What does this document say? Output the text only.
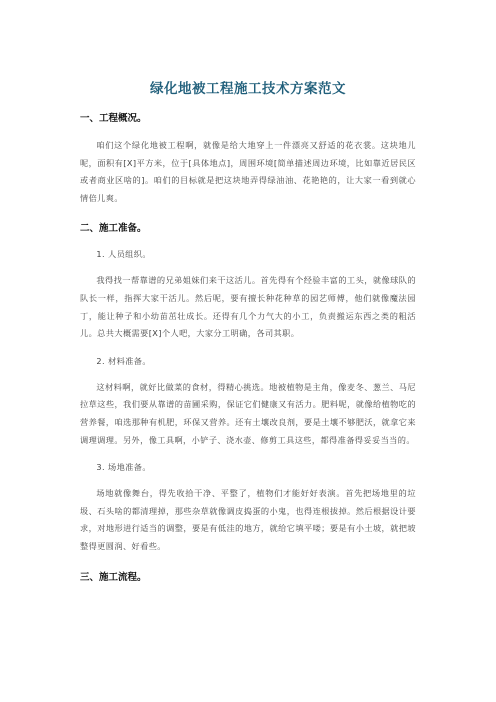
绿化地被工程施工技术方案范文

一、工程概况。

咱们这个绿化地被工程啊，就像是给大地穿上一件漂亮又舒适的花衣裳。这块地儿呢，面积有[X]平方米，位于[具体地点]，周围环境[简单描述周边环境，比如靠近居民区或者商业区啥的]。咱们的目标就是把这块地弄得绿油油、花艳艳的，让大家一看到就心情倍儿爽。

二、施工准备。

1. 人员组织。

我得找一帮靠谱的兄弟姐妹们来干这活儿。首先得有个经验丰富的工头，就像球队的队长一样，指挥大家干活儿。然后呢，要有擅长种花种草的园艺师傅，他们就像魔法园丁，能让种子和小幼苗茁壮成长。还得有几个力气大的小工，负责搬运东西之类的粗活儿。总共大概需要[X]个人吧，大家分工明确，各司其职。

2. 材料准备。

这材料啊，就好比做菜的食材，得精心挑选。地被植物是主角，像麦冬、葱兰、马尼拉草这些，我们要从靠谱的苗圃采购，保证它们健康又有活力。肥料呢，就像给植物吃的营养餐，咱选那种有机肥，环保又营养。还有土壤改良剂，要是土壤不够肥沃，就拿它来调理调理。另外，像工具啊，小铲子、浇水壶、修剪工具这些，都得准备得妥妥当当的。

3. 场地准备。

场地就像舞台，得先收拾干净、平整了，植物们才能好好表演。首先把场地里的垃圾、石头啥的都清理掉，那些杂草就像调皮捣蛋的小鬼，也得连根拔掉。然后根据设计要求，对地形进行适当的调整，要是有低洼的地方，就给它填平喽；要是有小土坡，就把坡整得更圆润、好看些。

三、施工流程。
